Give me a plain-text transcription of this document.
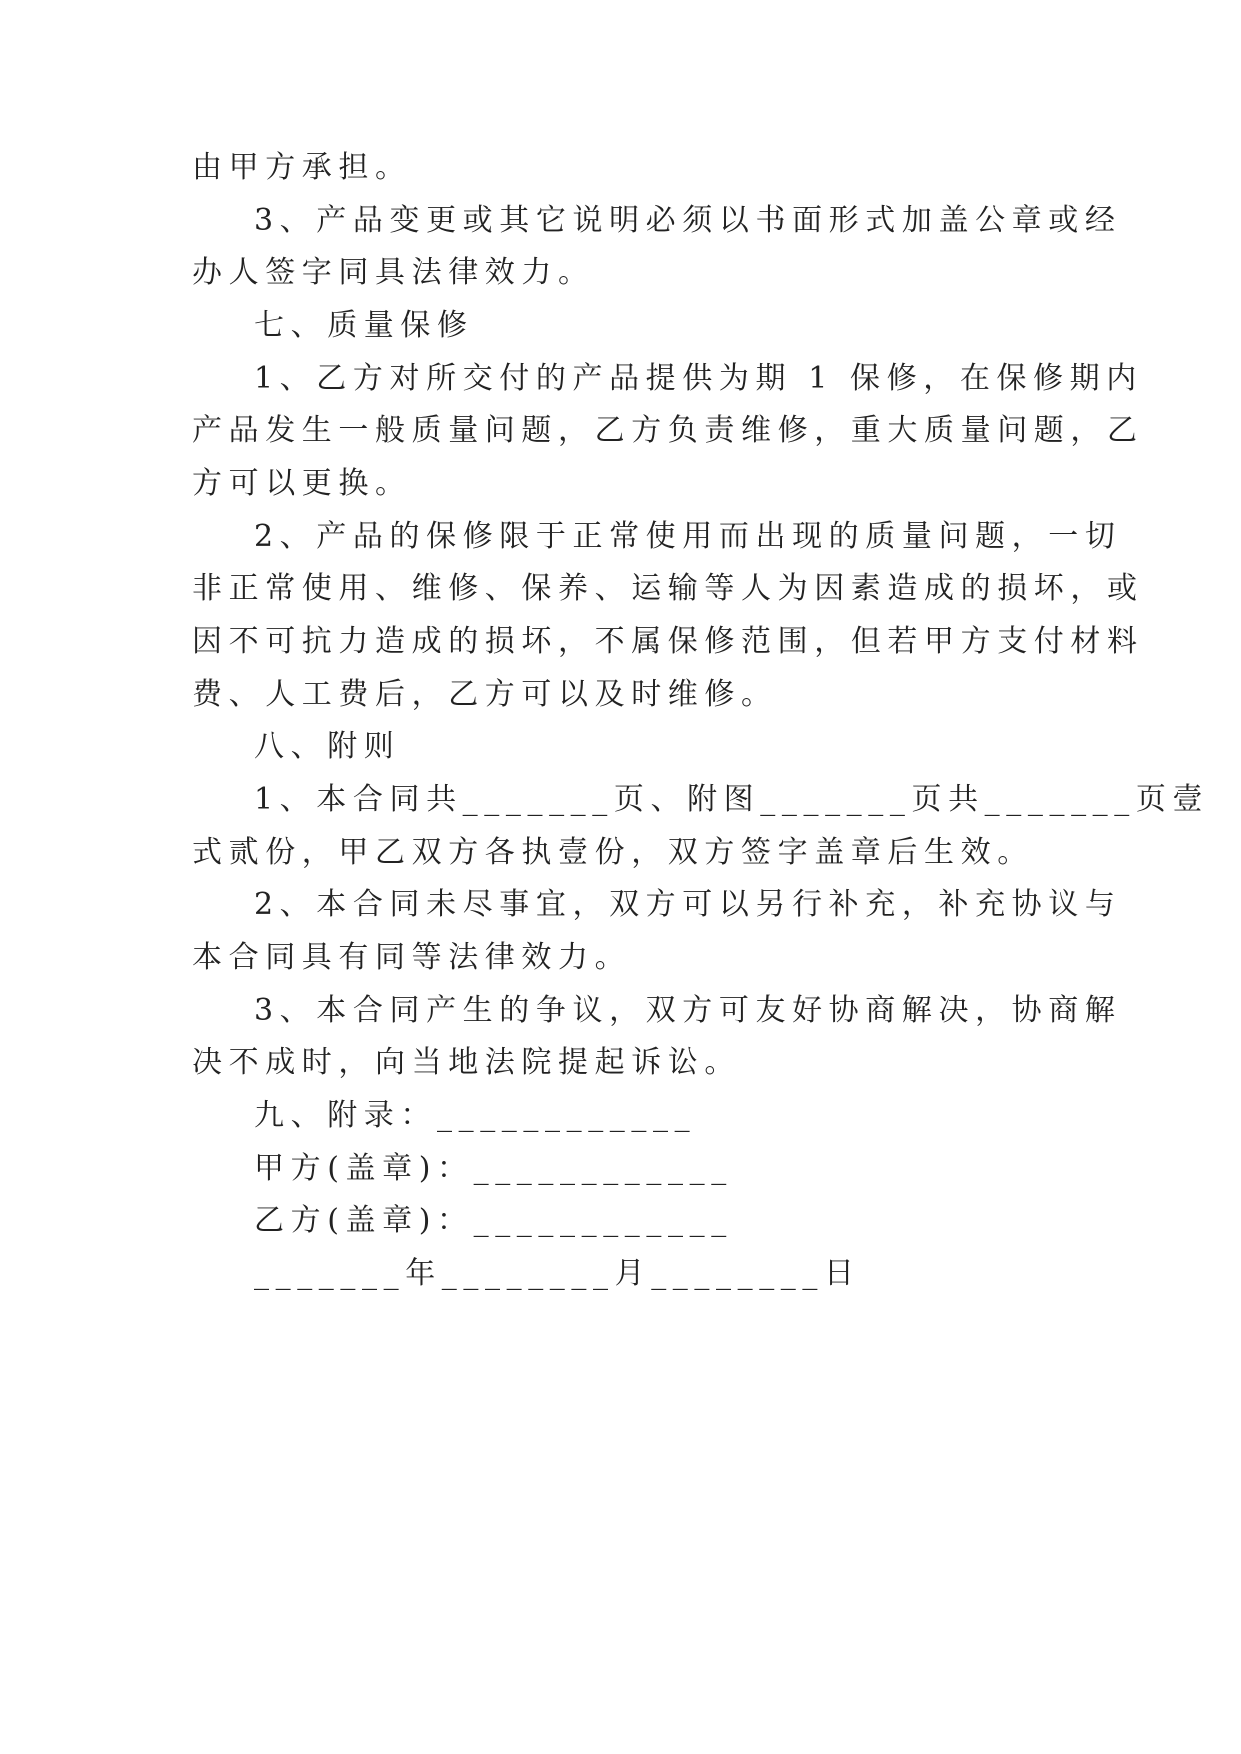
由甲方承担。
3、产品变更或其它说明必须以书面形式加盖公章或经
办人签字同具法律效力。
七、质量保修
1、乙方对所交付的产品提供为期 1 保修，在保修期内
产品发生一般质量问题，乙方负责维修，重大质量问题，乙
方可以更换。
2、产品的保修限于正常使用而出现的质量问题，一切
非正常使用、维修、保养、运输等人为因素造成的损坏，或
因不可抗力造成的损坏，不属保修范围，但若甲方支付材料
费、人工费后，乙方可以及时维修。
八、附则
1、本合同共_______页、附图_______页共_______页壹
式贰份，甲乙双方各执壹份，双方签字盖章后生效。
2、本合同未尽事宜，双方可以另行补充，补充协议与
本合同具有同等法律效力。
3、本合同产生的争议，双方可友好协商解决，协商解
决不成时，向当地法院提起诉讼。
九、附录：____________
甲方(盖章)：____________
乙方(盖章)：____________
_______年________月________日
